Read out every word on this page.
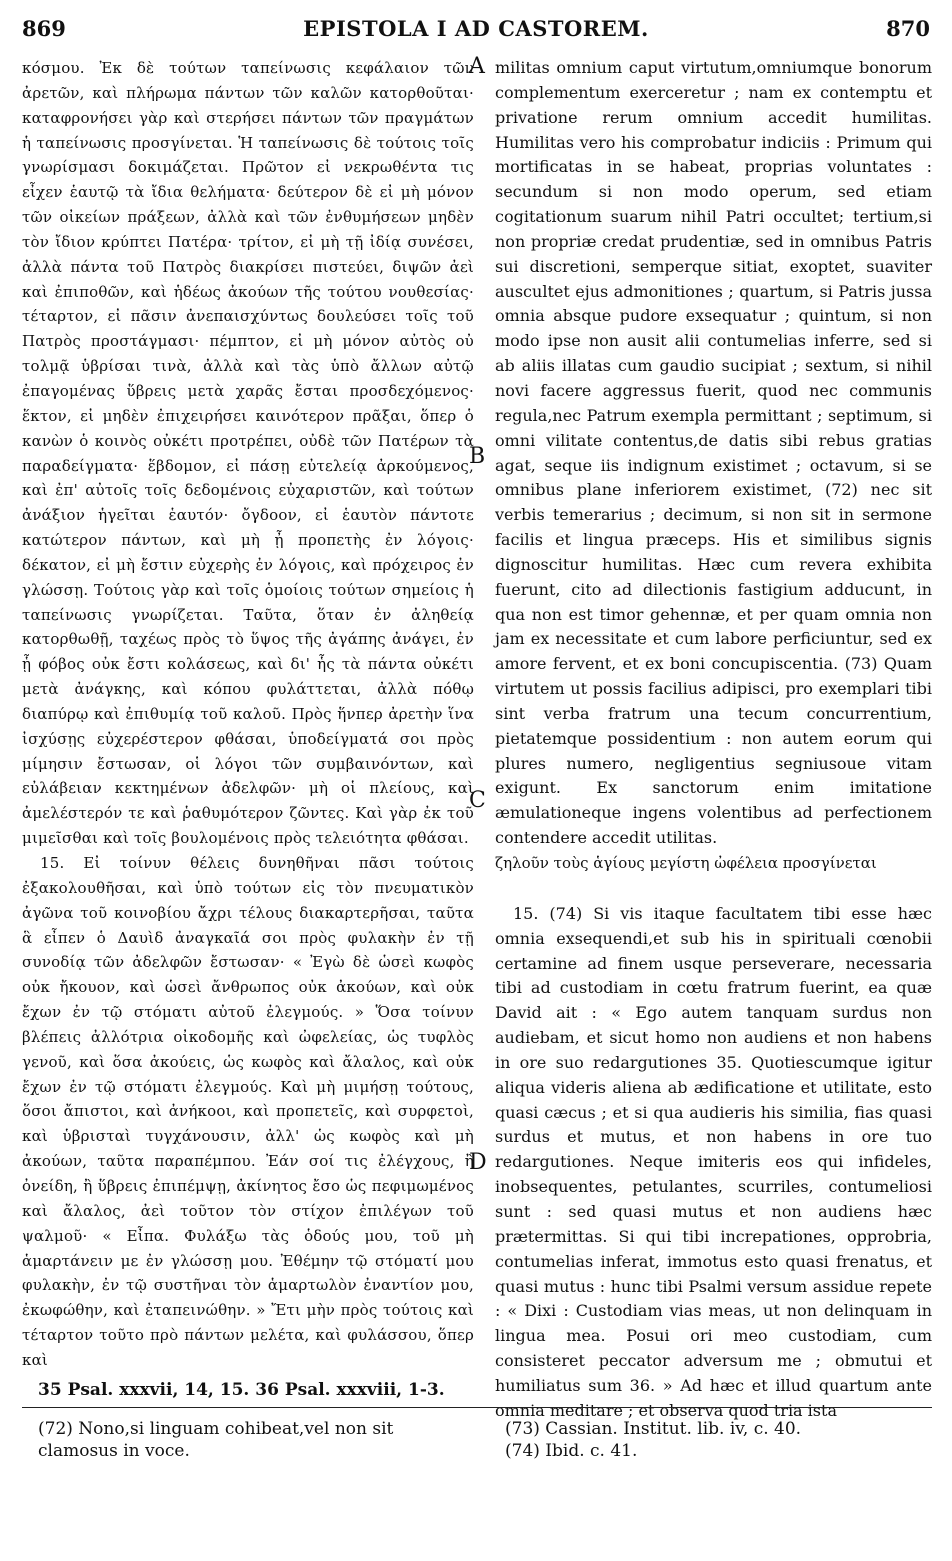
869	EPISTOLA I AD CASTOREM.	870

κόσμου. Ἐκ δὲ τούτων ταπείνωσις κεφάλαιον τῶν ἀρετῶν, καὶ πλήρωμα πάντων τῶν καλῶν κατορθοῦται· καταφρονήσει γὰρ καὶ στερήσει πάντων τῶν πραγμάτων ἡ ταπείνωσις προσγίνεται. Ἡ ταπείνωσις δὲ τούτοις τοῖς γνωρίσμασι δοκιμάζεται. Πρῶτον εἰ νεκρωθέντα τις εἶχεν ἑαυτῷ τὰ ἴδια θελήματα· δεύτερον δὲ εἰ μὴ μόνον τῶν οἰκείων πράξεων, ἀλλὰ καὶ τῶν ἐνθυμήσεων μηδὲν τὸν ἴδιον κρύπτει Πατέρα· τρίτον, εἰ μὴ τῇ ἰδίᾳ συνέσει, ἀλλὰ πάντα τοῦ Πατρὸς διακρίσει πιστεύει, διψῶν ἀεὶ καὶ ἐπιποθῶν, καὶ ἡδέως ἀκούων τῆς τούτου νουθεσίας· τέταρτον, εἰ πᾶσιν ἀνεπαισχύντως δουλεύσει τοῖς τοῦ Πατρὸς προστάγμασι· πέμπτον, εἰ μὴ μόνον αὐτὸς οὐ τολμᾷ ὑβρίσαι τινὰ, ἀλλὰ καὶ τὰς ὑπὸ ἄλλων αὐτῷ ἐπαγομένας ὕβρεις μετὰ χαρᾶς ἔσται προσδεχόμενος· ἕκτον, εἰ μηδὲν ἐπιχειρήσει καινότερον πρᾶξαι, ὅπερ ὁ κανὼν ὁ κοινὸς οὐκέτι προτρέπει, οὐδὲ τῶν Πατέρων τὰ παραδείγματα· ἕβδομον, εἰ πάσῃ εὐτελείᾳ ἀρκούμενος, καὶ ἐπ' αὐτοῖς τοῖς δεδομένοις εὐχαριστῶν, καὶ τούτων ἀνάξιον ἡγεῖται ἑαυτόν· ὄγδοον, εἰ ἑαυτὸν πάντοτε κατώτερον πάντων, καὶ μὴ ᾖ προπετὴς ἐν λόγοις· δέκατον, εἰ μὴ ἔστιν εὐχερὴς ἐν λόγοις, καὶ πρόχειρος ἐν γλώσσῃ. Τούτοις γὰρ καὶ τοῖς ὁμοίοις τούτων σημείοις ἡ ταπείνωσις γνωρίζεται. Ταῦτα, ὅταν ἐν ἀληθείᾳ κατορθωθῇ, ταχέως πρὸς τὸ ὕψος τῆς ἀγάπης ἀνάγει, ἐν ᾗ φόβος οὐκ ἔστι κολάσεως, καὶ δι' ἧς τὰ πάντα οὐκέτι μετὰ ἀνάγκης, καὶ κόπου φυλάττεται, ἀλλὰ πόθῳ διαπύρῳ καὶ ἐπιθυμίᾳ τοῦ καλοῦ. Πρὸς ἥνπερ ἀρετὴν ἵνα ἰσχύσῃς εὐχερέστερον φθάσαι, ὑποδείγματά σοι πρὸς μίμησιν ἔστωσαν, οἱ λόγοι τῶν συμβαινόντων, καὶ εὐλάβειαν κεκτημένων ἀδελφῶν· μὴ οἱ πλείους, καὶ ἀμελέστερόν τε καὶ ῥαθυμότερον ζῶντες. Καὶ γὰρ ἐκ τοῦ μιμεῖσθαι καὶ τοῖς βουλομένοις πρὸς τελειότητα φθάσαι.

15. Εἰ τοίνυν θέλεις δυνηθῆναι πᾶσι τούτοις ἐξακολουθῆσαι, καὶ ὑπὸ τούτων εἰς τὸν πνευματικὸν ἀγῶνα τοῦ κοινοβίου ἄχρι τέλους διακαρτερῆσαι, ταῦτα ἃ εἶπεν ὁ Δαυὶδ ἀναγκαῖά σοι πρὸς φυλακὴν ἐν τῇ συνοδίᾳ τῶν ἀδελφῶν ἔστωσαν· « Ἐγὼ δὲ ὡσεὶ κωφὸς οὐκ ἤκουον, καὶ ὡσεὶ ἄνθρωπος οὐκ ἀκούων, καὶ οὐκ ἔχων ἐν τῷ στόματι αὐτοῦ ἐλεγμούς. » Ὅσα τοίνυν βλέπεις ἀλλότρια οἰκοδομῆς καὶ ὠφελείας, ὡς τυφλὸς γενοῦ, καὶ ὅσα ἀκούεις, ὡς κωφὸς καὶ ἄλαλος, καὶ οὐκ ἔχων ἐν τῷ στόματι ἐλεγμούς. Καὶ μὴ μιμήσῃ τούτους, ὅσοι ἄπιστοι, καὶ ἀνήκοοι, καὶ προπετεῖς, καὶ συρφετοὶ, καὶ ὑβρισταὶ τυγχάνουσιν, ἀλλ' ὡς κωφὸς καὶ μὴ ἀκούων, ταῦτα παραπέμπου. Ἐάν σοί τις ἐλέγχους, ἢ ὀνείδη, ἢ ὕβρεις ἐπιπέμψῃ, ἀκίνητος ἔσο ὡς πεφιμωμένος καὶ ἄλαλος, ἀεὶ τοῦτον τὸν στίχον ἐπιλέγων τοῦ ψαλμοῦ· « Εἶπα. Φυλάξω τὰς ὁδούς μου, τοῦ μὴ ἁμαρτάνειν με ἐν γλώσσῃ μου. Ἐθέμην τῷ στόματί μου φυλακὴν, ἐν τῷ συστῆναι τὸν ἁμαρτωλὸν ἐναντίον μου, ἐκωφώθην, καὶ ἐταπεινώθην. » Ἔτι μὴν πρὸς τούτοις καὶ τέταρτον τοῦτο πρὸ πάντων μελέτα, καὶ φυλάσσου, ὅπερ καὶ

A
B
C
D

militas omnium caput virtutum,omniumque bonorum complementum exerceretur ; nam ex contemptu et privatione rerum omnium accedit humilitas. Humilitas vero his comprobatur indiciis : Primum qui mortificatas in se habeat, proprias voluntates : secundum si non modo operum, sed etiam cogitationum suarum nihil Patri occultet; tertium,si non propriæ credat prudentiæ, sed in omnibus Patris sui discretioni, semperque sitiat, exoptet, suaviter auscultet ejus admonitiones ; quartum, si Patris jussa omnia absque pudore exsequatur ; quintum, si non modo ipse non ausit alii contumelias inferre, sed si ab aliis illatas cum gaudio sucipiat ; sextum, si nihil novi facere aggressus fuerit, quod nec communis regula,nec Patrum exempla permittant ; septimum, si omni vilitate contentus,de datis sibi rebus gratias agat, seque iis indignum existimet ; octavum, si se omnibus plane inferiorem existimet, (72) nec sit verbis temerarius ; decimum, si non sit in sermone facilis et lingua præceps. His et similibus signis dignoscitur humilitas. Hæc cum revera exhibita fuerunt, cito ad dilectionis fastigium adducunt, in qua non est timor gehennæ, et per quam omnia non jam ex necessitate et cum labore perficiuntur, sed ex amore fervent, et ex boni concupiscentia. (73) Quam virtutem ut possis facilius adipisci, pro exemplari tibi sint verba fratrum una tecum concurrentium, pietatemque possidentium : non autem eorum qui plures numero, negligentius segniusoue vitam exigunt. Ex sanctorum enim imitatione æmulationeque ingens volentibus ad perfectionem contendere accedit utilitas.

ζηλοῦν τοὺς ἁγίους μεγίστη ὠφέλεια προσγίνεται

15. (74) Si vis itaque facultatem tibi esse hæc omnia exsequendi,et sub his in spirituali cœnobii certamine ad finem usque perseverare, necessaria tibi ad custodiam in cœtu fratrum fuerint, ea quæ David ait : « Ego autem tanquam surdus non audiebam, et sicut homo non audiens et non habens in ore suo redargutiones 35. Quotiescumque igitur aliqua videris aliena ab ædificatione et utilitate, esto quasi cæcus ; et si qua audieris his similia, fias quasi surdus et mutus, et non habens in ore tuo redargutiones. Neque imiteris eos qui infideles, inobsequentes, petulantes, scurriles, contumeliosi sunt : sed quasi mutus et non audiens hæc prætermittas. Si qui tibi increpationes, opprobria, contumelias inferat, immotus esto quasi frenatus, et quasi mutus : hunc tibi Psalmi versum assidue repete : « Dixi : Custodiam vias meas, ut non delinquam in lingua mea. Posui ori meo custodiam, cum consisteret peccator adversum me ; obmutui et humiliatus sum 36. » Ad hæc et illud quartum ante omnia meditare ; et observa quod tria ista

35 Psal. xxxvii, 14, 15. 36 Psal. xxxviii, 1-3.
(72) Nono,si linguam cohibeat,vel non sit clamosus in voce.
(73) Cassian. Institut. lib. iv, c. 40.
(74) Ibid. c. 41.
